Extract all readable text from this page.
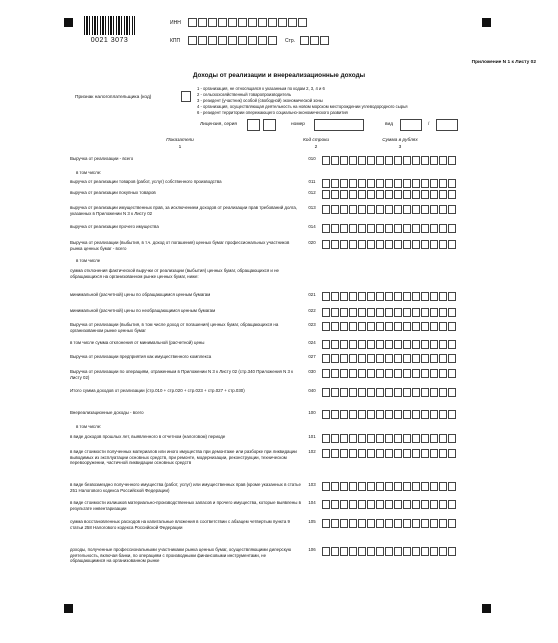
0021 3073
ИНН
КПП	Стр.
Приложение N 1 к Листу 02
Доходы от реализации и внереализационные доходы
Признак налогоплательщика (код)
1 - организация, не относящаяся к указанным по кодам 2, 3, 4 и 6
2 - сельскохозяйственный товаропроизводитель
3 - резидент (участник) особой (свободной) экономической зоны
4 - организация, осуществляющая деятельность на новом морском месторождении углеводородного сырья
6 - резидент территории опережающего социально-экономического развития
Лицензия, серия	номер	вид	/
Показатели	Код строки	Сумма в рублях
1	2	3
Выручка от реализации - всего	010
в том числе:
выручка от реализации товаров (работ, услуг) собственного производства	011
выручка от реализации покупных товаров	012
выручка от реализации имущественных прав, за исключением доходов от реализации прав требований долга, указанных в Приложении N 3 к Листу 02
013
выручка от реализации прочего имущества	014
Выручка от реализации (выбытия, в т.ч. доход от погашения) ценных бумаг профессиональных участников рынка ценных бумаг - всего
020
в том числе
сумма отклонения фактической выручки от реализации (выбытия) ценных бумаг, обращающихся и не обращающихся на организованном рынке ценных бумаг, ниже:
минимальной (расчетной) цены по обращающимся ценным бумагам	021
минимальной (расчетной) цены по необращающимся ценным бумагам	022
Выручка от реализации (выбытия, в том числе доход от погашения) ценных бумаг, обращающихся на организованном рынке ценных бумаг
023
в том числе сумма отклонения от минимальной (расчетной) цены	024
Выручка от реализации предприятия как имущественного комплекса	027
Выручка от реализации по операциям, отраженным в Приложении N 3 к Листу 02 (стр.340 Приложения N 3 к Листу 02)
030
Итого сумма доходов от реализации (стр.010 + стр.020 + стр.023 + стр.027 + стр.030)	040
Внереализационные доходы - всего	100
в том числе:
в виде доходов прошлых лет, выявленного в отчетном (налоговом) периоде	101
в виде стоимости полученных материалов или иного имущества при демонтаже или разборке при ликвидации выводимых из эксплуатации основных средств, при ремонте, модернизации, реконструкции, техническом перевооружении, частичной ликвидации основных средств
102
в виде безвозмездно полученного имущества (работ, услуг) или имущественных прав (кроме указанных в статье 251 Налогового кодекса Российской Федерации)
103
в виде стоимости излишков материально-производственных запасов и прочего имущества, которые выявлены в результате инвентаризации
104
сумма восстановленных расходов на капитальные вложения в соответствии с абзацем четвертым пункта 9 статьи 258 Налогового кодекса Российской Федерации
105
доходы, полученные профессиональными участниками рынка ценных бумаг, осуществляющими дилерскую деятельность, включая банки, по операциям с производными финансовыми инструментами, не обращающимися на организованном рынке
106
